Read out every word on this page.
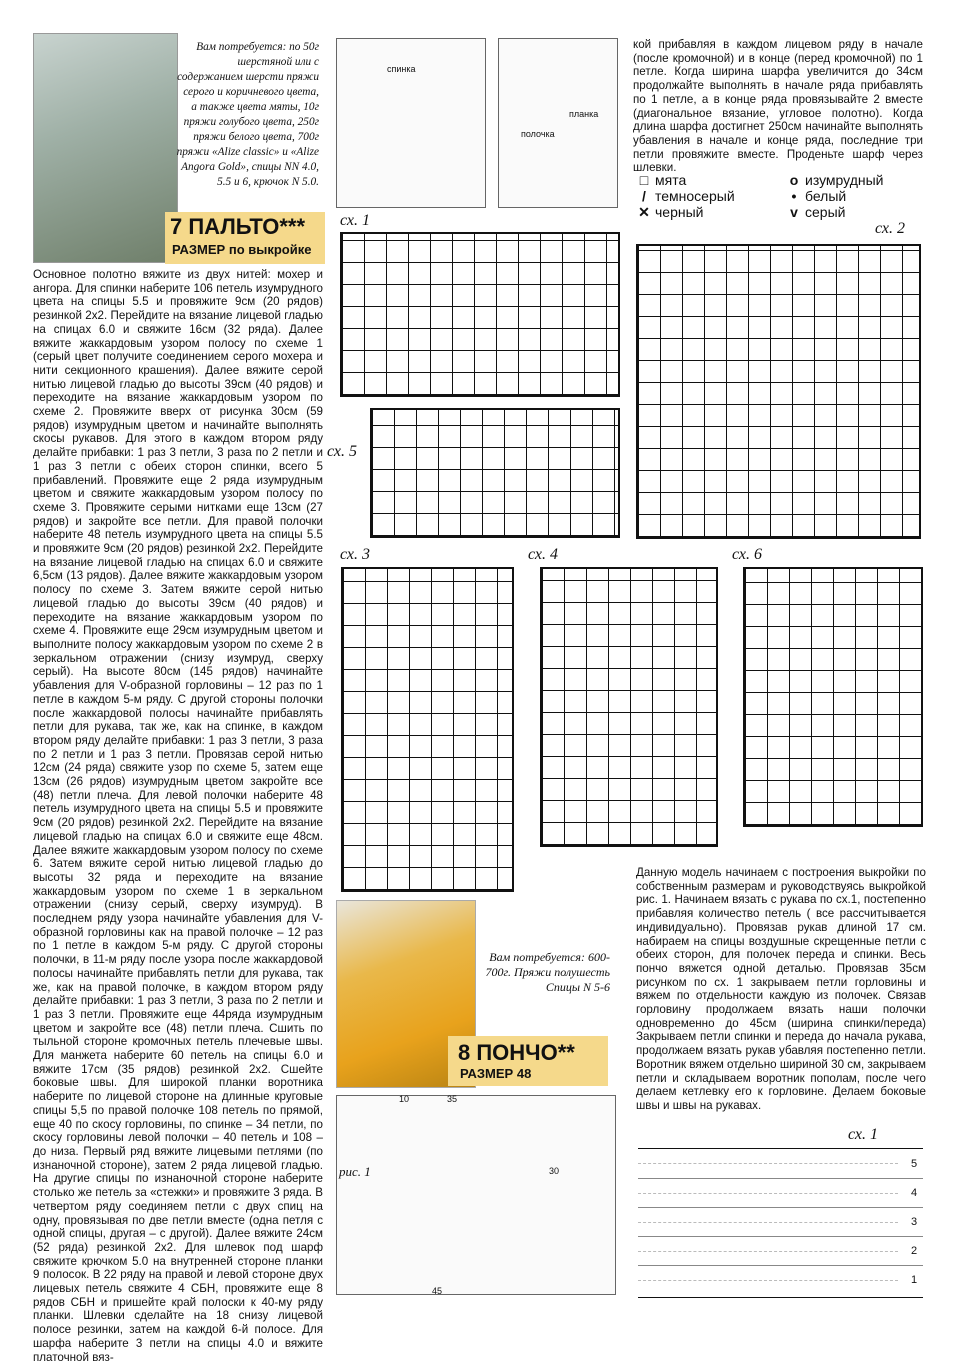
Вам потребуется: по 50г шерстяной или с содержанием шерсти пряжи серого и коричневого цвета, а также цвета мяты, 10г пряжи голубого цвета, 250г пряжи белого цвета, 700г пряжи «Alize classic» и «Alize Angora Gold», спицы NN 4.0, 5.5 и 6, крючок N 5.0.
7 ПАЛЬТО***
РАЗМЕР по выкройке
Основное полотно вяжите из двух нитей: мохер и ангора. Для спинки наберите 106 петель изумрудного цвета на спицы 5.5 и провяжите 9см (20 рядов) резинкой 2x2. Перейдите на вязание лицевой гладью на спицах 6.0 и свяжите 16см (32 ряда). Далее вяжите жаккардовым узором полосу по схеме 1 (серый цвет получите соединением серого мохера и нити секционного крашения). Далее вяжите серой нитью лицевой гладью до высоты 39см (40 рядов) и переходите на вязание жаккардовым узором по схеме 2. Провяжите вверх от рисунка 30см (59 рядов) изумрудным цветом и начинайте выполнять скосы рукавов. Для этого в каждом втором ряду делайте прибавки: 1 раз 3 петли, 3 раза по 2 петли и 1 раз 3 петли с обеих сторон спинки, всего 5 прибавлений. Провяжите еще 2 ряда изумрудным цветом и свяжите жаккардовым узором полосу по схеме 3. Провяжите серыми нитками еще 13см (27 рядов) и закройте все петли. Для правой полочки наберите 48 петель изумрудного цвета на спицы 5.5 и провяжите 9см (20 рядов) резинкой 2x2. Перейдите на вязание лицевой гладью на спицах 6.0 и свяжите 6,5см (13 рядов). Далее вяжите жаккардовым узором полосу по схеме 3. Затем вяжите серой нитью лицевой гладью до высоты 39см (40 рядов) и переходите на вязание жаккардовым узором по схеме 4. Провяжите еще 29см изумрудным цветом и выполните полосу жаккардовым узором по схеме 2 в зеркальном отражении (снизу изумруд, сверху серый). На высоте 80см (145 рядов) начинайте убавления для V-образной горловины – 12 раз по 1 петле в каждом 5-м ряду. С другой стороны полочки после жаккардовой полосы начинайте прибавлять петли для рукава, так же, как на спинке, в каждом втором ряду делайте прибавки: 1 раз 3 петли, 3 раза по 2 петли и 1 раз 3 петли. Провязав серой нитью 12см (24 ряда) свяжите узор по схеме 5, затем еще 13см (26 рядов) изумрудным цветом закройте все (48) петли плеча. Для левой полочки наберите 48 петель изумрудного цвета на спицы 5.5 и провяжите 9см (20 рядов) резинкой 2x2. Перейдите на вязание лицевой гладью на спицах 6.0 и свяжите еще 48см. Далее вяжите жаккардовым узором полосу по схеме 6. Затем вяжите серой нитью лицевой гладью до высоты 32 ряда и переходите на вязание жаккардовым узором по схеме 1 в зеркальном отражении (снизу серый, сверху изумруд). В последнем ряду узора начинайте убавления для V-образной горловины как на правой полочке – 12 раз по 1 петле в каждом 5-м ряду. С другой стороны полочки, в 11-м ряду после узора после жаккардовой полосы начинайте прибавлять петли для рукава, так же, как на правой полочке, в каждом втором ряду делайте прибавки: 1 раз 3 петли, 3 раза по 2 петли и 1 раз 3 петли. Провяжите еще 44ряда изумрудным цветом и закройте все (48) петли плеча. Сшить по тыльной стороне кромочных петель плечевые швы. Для манжета наберите 60 петель на спицы 6.0 и вяжите 17см (35 рядов) резинкой 2x2. Сшейте боковые швы. Для широкой планки воротника наберите по лицевой стороне на длинные круговые спицы 5,5 по правой полочке 108 петель по прямой, еще 40 по скосу горловины, по спинке – 34 петли, по скосу горловины левой полочки – 40 петель и 108 – до низа. Первый ряд вяжите лицевыми петлями (по изнаночной стороне), затем 2 ряда лицевой гладью. На другие спицы по изнаночной стороне наберите столько же петель за «стежки» и провяжите 3 ряда. В четвертом ряду соединяем петли с двух спиц на одну, провязывая по две петли вместе (одна петля с одной спицы, другая – с другой). Далее вяжите 24см (52 ряда) резинкой 2x2. Для шлевок под шарф свяжите крючком 5.0 на внутренней стороне планки 9 полосок. В 22 ряду на правой и левой стороне двух лицевых петель свяжите 4 СБН, провяжите еще 8 рядов СБН и пришейте край полоски к 40-му ряду планки. Шлевки сделайте на 18 снизу лицевой полосе резинки, затем на каждой 6-й полосе. Для шарфа наберите 3 петли на спицы 4.0 и вяжите платочной вяз-
спинка
полочка
планка
кой прибавляя в каждом лицевом ряду в начале (после кромочной) и в конце (перед кромочной) по 1 петле. Когда ширина шарфа увеличится до 34см продолжайте выполнять в начале ряда прибавлять по 1 петле, а в конце ряда провязывайте 2 вместе (диагональное вязание, угловое полотно). Когда длина шарфа достигнет 250см начинайте выполнять убавления в начале и конце ряда, последние три петли провяжите вместе. Проденьте шарф через шлевки.
□ мята	o изумрудный
/ темносерый	• белый
✕ черный	v серый
сх. 1	сх. 2
сх. 5
сх. 3	сх. 4	сх. 6
Вам потребуется: 600-700г. Пряжи полушесть Спицы N 5-6
8 ПОНЧО**
РАЗМЕР 48
Данную модель начинаем с построения выкройки по собственным размерам и руководствуясь выкройкой рис. 1. Начинаем вязать с рукава по сх.1, постепенно прибавляя количество петель ( все рассчитывается индивидуально). Провязав рукав длиной 17 см. набираем на спицы воздушные скрещенные петли с обеих сторон, для полочек переда и спинки. Весь пончо вяжется одной деталью. Провязав 35см рисунком по сх. 1 закрываем петли горловины и вяжем по отдельности каждую из полочек. Связав горловину продолжаем вязать наши полочки одновременно до 45см (ширина спинки/переда) Закрываем петли спинки и переда до начала рукава, продолжаем вязать рукав убавляя постепенно петли. Воротник вяжем отдельно шириной 30 см, закрываем петли и складываем воротник пополам, после чего делаем кетлевку его к горловине. Делаем боковые швы и швы на рукавах.
рис. 1
10	35
30
45
сх. 1
5
4
3
2
1
